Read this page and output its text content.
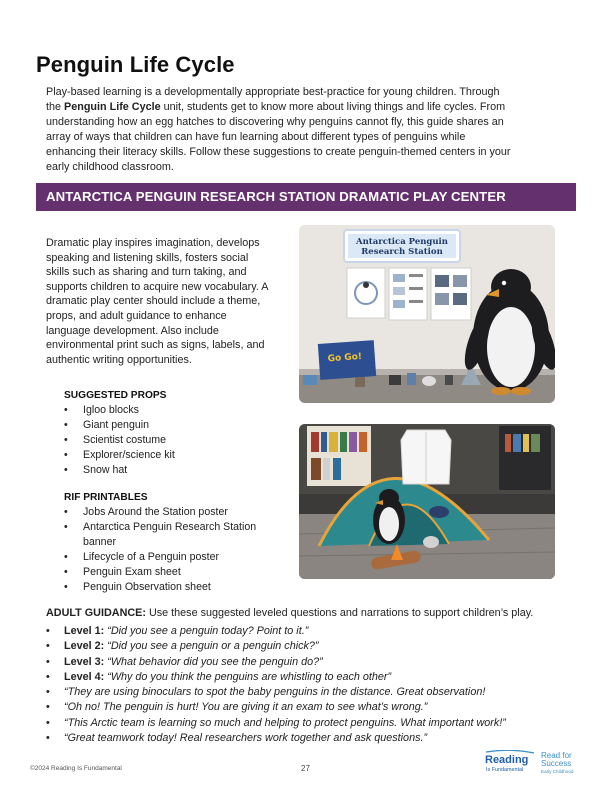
Penguin Life Cycle
Play-based learning is a developmentally appropriate best-practice for young children. Through the Penguin Life Cycle unit, students get to know more about living things and life cycles. From understanding how an egg hatches to discovering why penguins cannot fly, this guide shares an array of ways that children can have fun learning about different types of penguins while enhancing their literacy skills. Follow these suggestions to create penguin-themed centers in your early childhood classroom.
ANTARCTICA PENGUIN RESEARCH STATION DRAMATIC PLAY CENTER
Dramatic play inspires imagination, develops speaking and listening skills, fosters social skills such as sharing and turn taking, and supports children to acquire new vocabulary. A dramatic play center should include a theme, props, and adult guidance to enhance language development. Also include environmental print such as signs, labels, and authentic writing opportunities.
SUGGESTED PROPS
• Igloo blocks
• Giant penguin
• Scientist costume
• Explorer/science kit
• Snow hat
RIF PRINTABLES
• Jobs Around the Station poster
• Antarctica Penguin Research Station banner
• Lifecycle of a Penguin poster
• Penguin Exam sheet
• Penguin Observation sheet
Antarctica Penguin
Research Station
Go Go!
ADULT GUIDANCE: Use these suggested leveled questions and narrations to support children’s play.
• Level 1: “Did you see a penguin today? Point to it.”
• Level 2: “Did you see a penguin or a penguin chick?”
• Level 3: “What behavior did you see the penguin do?”
• Level 4: “Why do you think the penguins are whistling to each other”
• “They are using binoculars to spot the baby penguins in the distance. Great observation!
• “Oh no! The penguin is hurt! You are giving it an exam to see what’s wrong.”
• “This Arctic team is learning so much and helping to protect penguins. What important work!”
• “Great teamwork today! Real researchers work together and ask questions.”
©2024 Reading Is Fundamental	27
Reading
Is Fundamental
Read for
Success
Early Childhood
